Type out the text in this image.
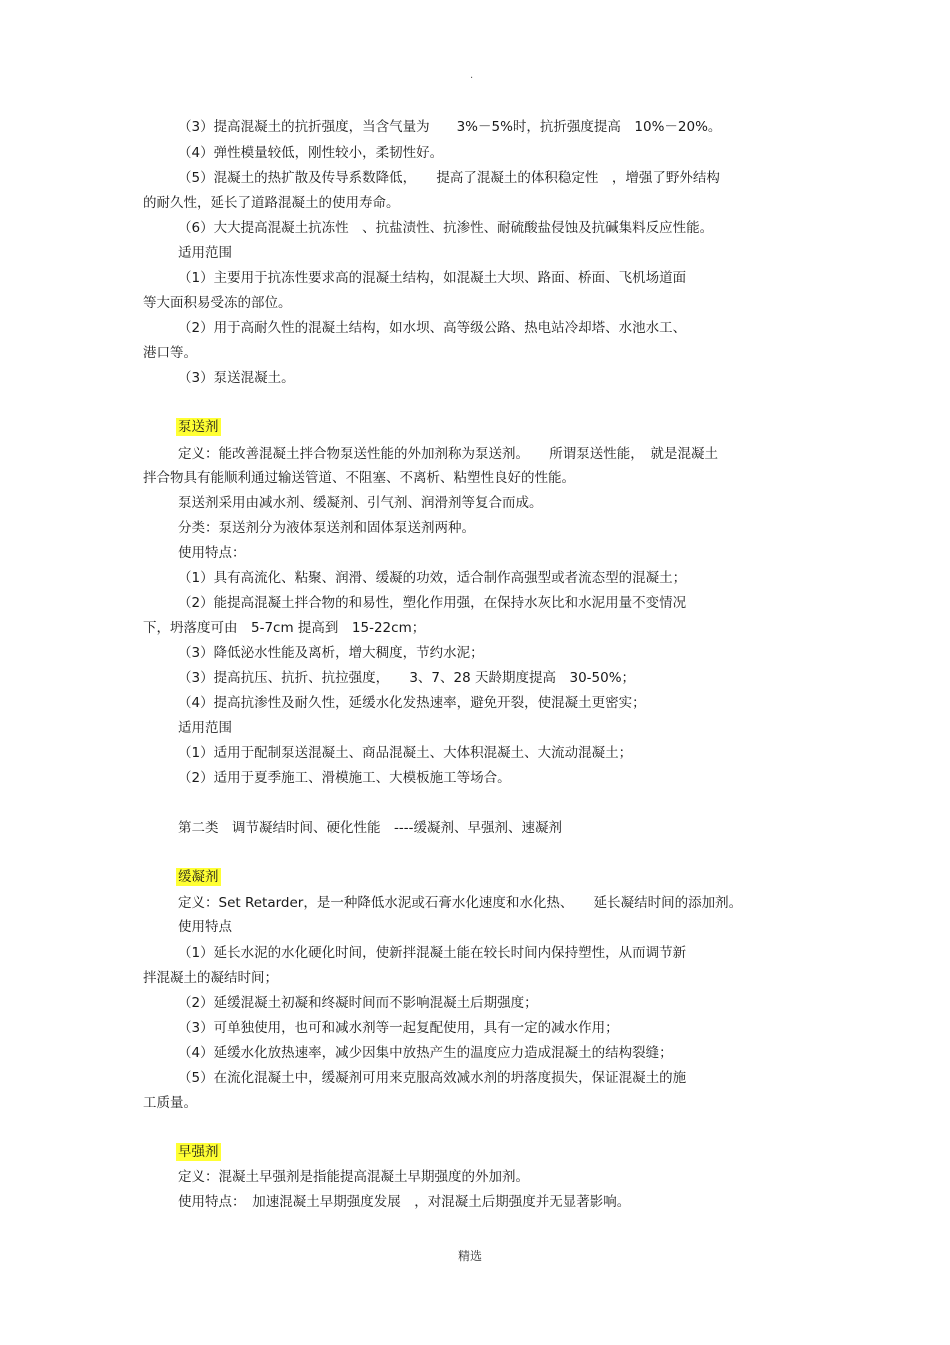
·
（3）提高混凝土的抗折强度，当含气量为　　3%－5%时，抗折强度提高　10%－20%。
（4）弹性模量较低，刚性较小，柔韧性好。
（5）混凝土的热扩散及传导系数降低，　　提高了混凝土的体积稳定性　，增强了野外结构
的耐久性，延长了道路混凝土的使用寿命。
（6）大大提高混凝土抗冻性　、抗盐渍性、抗渗性、耐硫酸盐侵蚀及抗碱集料反应性能。
适用范围
（1）主要用于抗冻性要求高的混凝土结构，如混凝土大坝、路面、桥面、飞机场道面
等大面积易受冻的部位。
（2）用于高耐久性的混凝土结构，如水坝、高等级公路、热电站冷却塔、水池水工、
港口等。
（3）泵送混凝土。
泵送剂
定义：能改善混凝土拌合物泵送性能的外加剂称为泵送剂。　　所谓泵送性能，　就是混凝土
拌合物具有能顺利通过输送管道、不阻塞、不离析、粘塑性良好的性能。
泵送剂采用由减水剂、缓凝剂、引气剂、润滑剂等复合而成。
分类：泵送剂分为液体泵送剂和固体泵送剂两种。
使用特点：
（1）具有高流化、粘聚、润滑、缓凝的功效，适合制作高强型或者流态型的混凝土；
（2）能提高混凝土拌合物的和易性，塑化作用强，在保持水灰比和水泥用量不变情况
下，坍落度可由　5-7cm 提高到　15-22cm；
（3）降低泌水性能及离析，增大稠度，节约水泥；
（3）提高抗压、抗折、抗拉强度，　　3、7、28 天龄期度提高　30-50%；
（4）提高抗渗性及耐久性，延缓水化发热速率，避免开裂，使混凝土更密实；
适用范围
（1）适用于配制泵送混凝土、商品混凝土、大体积混凝土、大流动混凝土；
（2）适用于夏季施工、滑模施工、大模板施工等场合。
第二类　调节凝结时间、硬化性能　----缓凝剂、早强剂、速凝剂
缓凝剂
定义：Set Retarder，是一种降低水泥或石膏水化速度和水化热、　　延长凝结时间的添加剂。
使用特点
（1）延长水泥的水化硬化时间，使新拌混凝土能在较长时间内保持塑性，从而调节新
拌混凝土的凝结时间；
（2）延缓混凝土初凝和终凝时间而不影响混凝土后期强度；
（3）可单独使用，也可和减水剂等一起复配使用，具有一定的减水作用；
（4）延缓水化放热速率，减少因集中放热产生的温度应力造成混凝土的结构裂缝；
（5）在流化混凝土中，缓凝剂可用来克服高效减水剂的坍落度损失，保证混凝土的施
工质量。
早强剂
定义：混凝土早强剂是指能提高混凝土早期强度的外加剂。
使用特点：　加速混凝土早期强度发展　，对混凝土后期强度并无显著影响。
精选
